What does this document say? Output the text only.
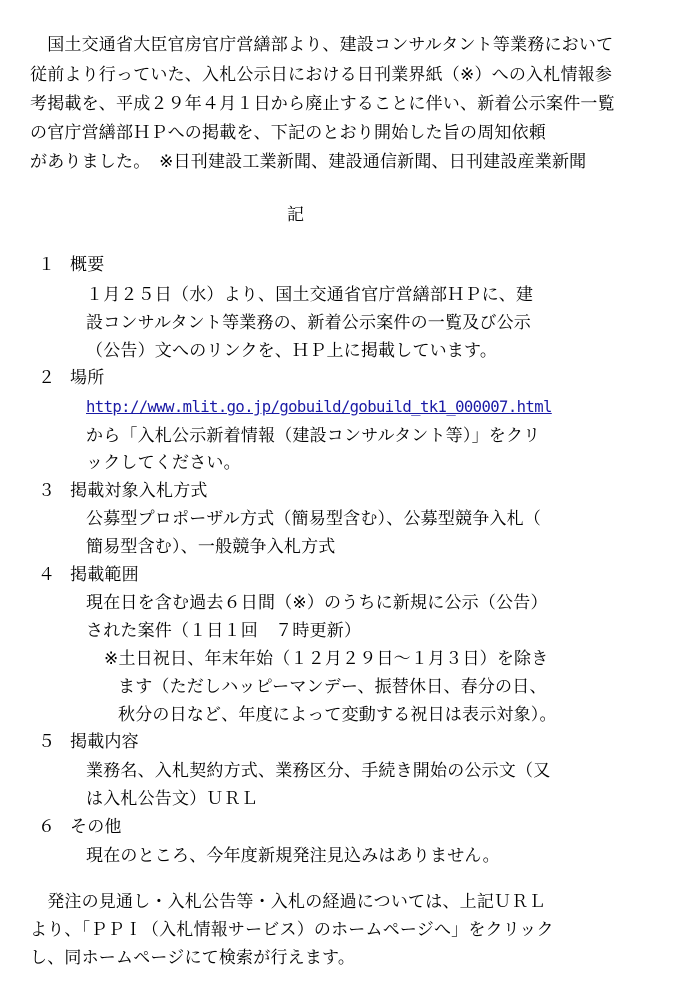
　国土交通省大臣官房官庁営繕部より、建設コンサルタント等業務において
従前より行っていた、入札公示日における日刊業界紙（※）への入札情報参
考掲載を、平成２９年４月１日から廃止することに伴い、新着公示案件一覧
の官庁営繕部ＨＰへの掲載を、下記のとおり開始した旨の周知依頼
がありました。　※日刊建設工業新聞、建設通信新聞、日刊建設産業新聞
記
１ 概要
１月２５日（水）より、国土交通省官庁営繕部ＨＰに、建
設コンサルタント等業務の、新着公示案件の一覧及び公示
（公告）文へのリンクを、ＨＰ上に掲載しています。
２ 場所
http://www.mlit.go.jp/gobuild/gobuild_tk1_000007.html
から「入札公示新着情報（建設コンサルタント等）」をクリ
ックしてください。
３ 掲載対象入札方式
公募型プロポーザル方式（簡易型含む）、公募型競争入札（
簡易型含む）、一般競争入札方式
４ 掲載範囲
現在日を含む過去６日間（※）のうちに新規に公示（公告）
された案件（１日１回　７時更新）
※土日祝日、年末年始（１２月２９日～１月３日）を除き
ます（ただしハッピーマンデー、振替休日、春分の日、
秋分の日など、年度によって変動する祝日は表示対象）。
５ 掲載内容
業務名、入札契約方式、業務区分、手続き開始の公示文（又
は入札公告文）ＵＲＬ
６ その他
現在のところ、今年度新規発注見込みはありません。
　発注の見通し・入札公告等・入札の経過については、上記ＵＲＬ
より、「ＰＰＩ（入札情報サービス）のホームページへ」をクリック
し、同ホームページにて検索が行えます。
